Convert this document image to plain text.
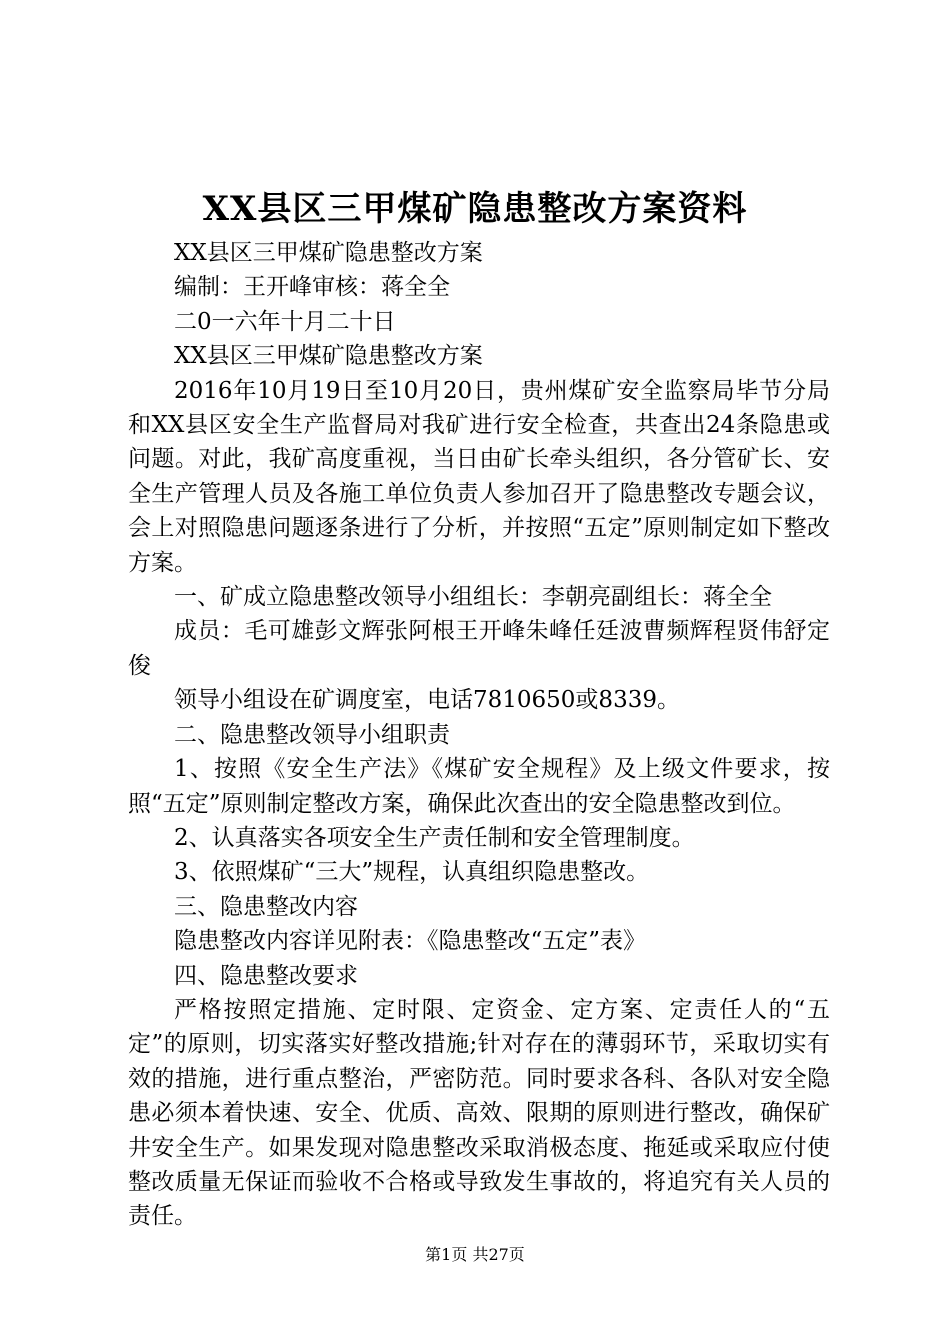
XX县区三甲煤矿隐患整改方案资料

XX县区三甲煤矿隐患整改方案

编制：王开峰审核：蒋全全

二0一六年十月二十日

XX县区三甲煤矿隐患整改方案

2016年10月19日至10月20日，贵州煤矿安全监察局毕节分局和XX县区安全生产监督局对我矿进行安全检查，共查出24条隐患或问题。对此，我矿高度重视，当日由矿长牵头组织，各分管矿长、安全生产管理人员及各施工单位负责人参加召开了隐患整改专题会议，会上对照隐患问题逐条进行了分析，并按照“五定”原则制定如下整改方案。

一、矿成立隐患整改领导小组组长：李朝亮副组长：蒋全全

成员：毛可雄彭文辉张阿根王开峰朱峰任廷波曹频辉程贤伟舒定俊

领导小组设在矿调度室，电话7810650或8339。

二、隐患整改领导小组职责

1、按照《安全生产法》《煤矿安全规程》及上级文件要求，按照“五定”原则制定整改方案，确保此次查出的安全隐患整改到位。

2、认真落实各项安全生产责任制和安全管理制度。

3、依照煤矿“三大”规程，认真组织隐患整改。

三、隐患整改内容

隐患整改内容详见附表：《隐患整改“五定”表》

四、隐患整改要求

严格按照定措施、定时限、定资金、定方案、定责任人的“五定”的原则，切实落实好整改措施;针对存在的薄弱环节，采取切实有效的措施，进行重点整治，严密防范。同时要求各科、各队对安全隐患必须本着快速、安全、优质、高效、限期的原则进行整改，确保矿井安全生产。如果发现对隐患整改采取消极态度、拖延或采取应付使整改质量无保证而验收不合格或导致发生事故的，将追究有关人员的责任。

第1页 共27页
